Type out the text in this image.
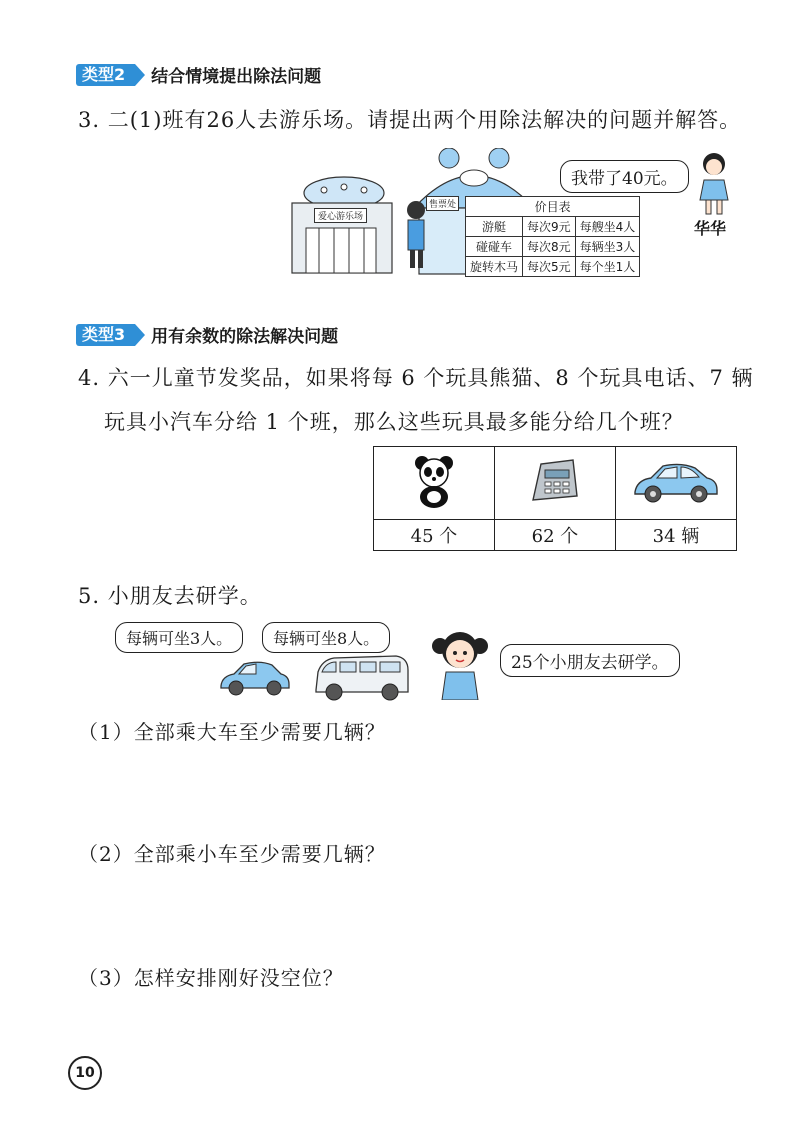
类型2	结合情境提出除法问题
3. 二(1)班有26人去游乐场。请提出两个用除法解决的问题并解答。
爱心游乐场
售票处	价目表		
游艇	每次9元	每艘坐4人
碰碰车	每次8元	每辆坐3人
旋转木马	每次5元	每个坐1人
我带了40元。
华华
类型3	用有余数的除法解决问题
4. 六一儿童节发奖品，如果将每 6 个玩具熊猫、8 个玩具电话、7 辆
玩具小汽车分给 1 个班，那么这些玩具最多能分给几个班？

45 个	62 个	34 辆
5. 小朋友去研学。
每辆可坐3人。	每辆可坐8人。
25个小朋友去研学。
（1）全部乘大车至少需要几辆？
（2）全部乘小车至少需要几辆？
（3）怎样安排刚好没空位？
10
